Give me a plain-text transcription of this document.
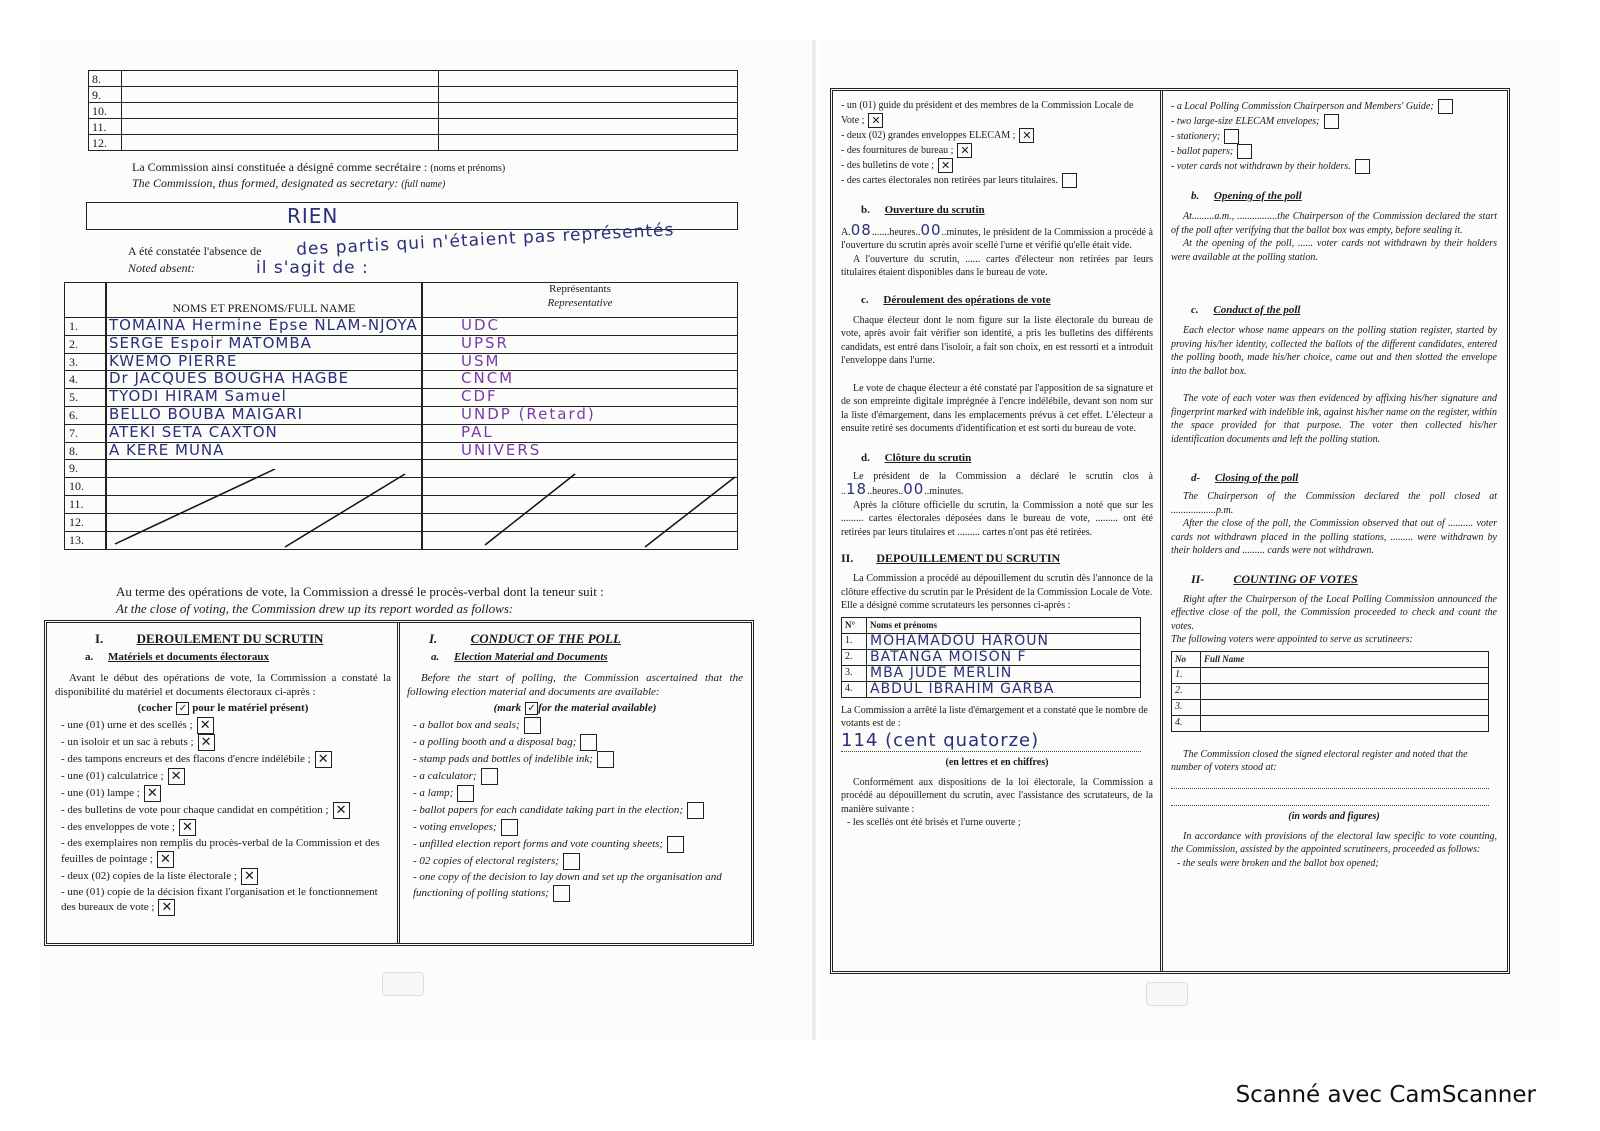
8.		
9.		
10.		
11.		
12.		
La Commission ainsi constituée a désigné comme secrétaire : (noms et prénoms)
The Commission, thus formed, designated as secretary: (full name)
RIEN
A été constatée l'absence de des partis qui n'étaient pas représentés
Noted absent:	il s'agit de :
NOMS ET PRENOMS/FULL NAME
Représentants
Representative
1. TOMAINA Hermine Epse NLAM-NJOYA	UDC
2. SERGE Espoir MATOMBA	UPSR
3. KWEMO PIERRE	USM
4. Dr JACQUES BOUGHA HAGBE	CNCM
5. TYODI HIRAM Samuel	CDF
6. BELLO BOUBA MAIGARI	UNDP (Retard)
7. ATEKI SETA CAXTON	PAL
8. A KERE MUNA	UNIVERS
9.
10.
11.
12.
13.
Au terme des opérations de vote, la Commission a dressé le procès-verbal dont la teneur suit :
At the close of voting, the Commission drew up its report worded as follows:
I.	DEROULEMENT DU SCRUTIN
a. Matériels et documents électoraux
Avant le début des opérations de vote, la Commission a constaté la disponibilité du matériel et documents électoraux ci-après :
(cocher ✓ pour le matériel présent)
- une (01) urne et des scellés ; ✕
- un isoloir et un sac à rebuts ; ✕
- des tampons encreurs et des flacons d'encre indélébile ; ✕
- une (01) calculatrice ; ✕
- une (01) lampe ; ✕
- des bulletins de vote pour chaque candidat en compétition ; ✕
- des enveloppes de vote ; ✕
- des exemplaires non remplis du procès-verbal de la Commission et des feuilles de pointage ; ✕
- deux (02) copies de la liste électorale ; ✕
- une (01) copie de la décision fixant l'organisation et le fonctionnement des bureaux de vote ; ✕
I.	CONDUCT OF THE POLL
a. Election Material and Documents
Before the start of polling, the Commission ascertained that the following election material and documents are available:
(mark ✓ for the material available)
- a ballot box and seals;
- a polling booth and a disposal bag;
- stamp pads and bottles of indelible ink;
- a calculator;
- a lamp;
- ballot papers for each candidate taking part in the election;
- voting envelopes;
- unfilled election report forms and vote counting sheets;
- 02 copies of electoral registers;
- one copy of the decision to lay down and set up the organisation and functioning of polling stations;
- un (01) guide du président et des membres de la Commission Locale de Vote ; ✕
- deux (02) grandes enveloppes ELECAM ; ✕
- des fournitures de bureau ; ✕
- des bulletins de vote ; ✕
- des cartes électorales non retirées par leurs titulaires.
b. Ouverture du scrutin
A.08.......heures..00..minutes, le président de la Commission a procédé à l'ouverture du scrutin après avoir scellé l'urne et vérifié qu'elle était vide.
A l'ouverture du scrutin, ...... cartes d'électeur non retirées par leurs titulaires étaient disponibles dans le bureau de vote.
c. Déroulement des opérations de vote
Chaque électeur dont le nom figure sur la liste électorale du bureau de vote, après avoir fait vérifier son identité, a pris les bulletins des différents candidats, est entré dans l'isoloir, a fait son choix, en est ressorti et a introduit l'enveloppe dans l'urne.
Le vote de chaque électeur a été constaté par l'apposition de sa signature et de son empreinte digitale imprégnée à l'encre indélébile, devant son nom sur la liste d'émargement, dans les emplacements prévus à cet effet. L'électeur a ensuite retiré ses documents d'identification et est sorti du bureau de vote.
d. Clôture du scrutin
Le président de la Commission a déclaré le scrutin clos à ..18..heures..00..minutes.
Après la clôture officielle du scrutin, la Commission a noté que sur les ......... cartes électorales déposées dans le bureau de vote, ......... ont été retirées par leurs titulaires et ......... cartes n'ont pas été retirées.
II. DEPOUILLEMENT DU SCRUTIN
La Commission a procédé au dépouillement du scrutin dès l'annonce de la clôture effective du scrutin par le Président de la Commission Locale de Vote.
Elle a désigné comme scrutateurs les personnes ci-après :
N°	Noms et prénoms
1.	MOHAMADOU HAROUN
2.	BATANGA MOISON F
3.	MBA JUDE MERLIN
4.	ABDUL IBRAHIM GARBA
La Commission a arrêté la liste d'émargement et a constaté que le nombre de votants est de :
114 (cent quatorze)
(en lettres et en chiffres)
Conformément aux dispositions de la loi électorale, la Commission a procédé au dépouillement du scrutin, avec l'assistance des scrutateurs, de la manière suivante :
- les scellés ont été brisés et l'urne ouverte ;
- a Local Polling Commission Chairperson and Members' Guide;
- two large-size ELECAM envelopes;
- stationery;
- ballot papers;
- voter cards not withdrawn by their holders.
b. Opening of the poll
At.........a.m., ................the Chairperson of the Commission declared the start of the poll after verifying that the ballot box was empty, before sealing it.
At the opening of the poll, ...... voter cards not withdrawn by their holders were available at the polling station.
c. Conduct of the poll
Each elector whose name appears on the polling station register, started by proving his/her identity, collected the ballots of the different candidates, entered the polling booth, made his/her choice, came out and then slotted the envelope into the ballot box.
The vote of each voter was then evidenced by affixing his/her signature and fingerprint marked with indelible ink, against his/her name on the register, within the space provided for that purpose. The voter then collected his/her identification documents and left the polling station.
d- Closing of the poll
The Chairperson of the Commission declared the poll closed at ..................p.m.
After the close of the poll, the Commission observed that out of .......... voter cards not withdrawn placed in the polling stations, ......... were withdrawn by their holders and ......... cards were not withdrawn.
II- COUNTING OF VOTES
Right after the Chairperson of the Local Polling Commission announced the effective close of the poll, the Commission proceeded to check and count the votes.
The following voters were appointed to serve as scrutineers:
No	Full Name
1.	
2.	
3.	
4.	
The Commission closed the signed electoral register and noted that the number of voters stood at:
(in words and figures)
In accordance with provisions of the electoral law specific to vote counting, the Commission, assisted by the appointed scrutineers, proceeded as follows:
- the seals were broken and the ballot box opened;
Scanné avec CamScanner
